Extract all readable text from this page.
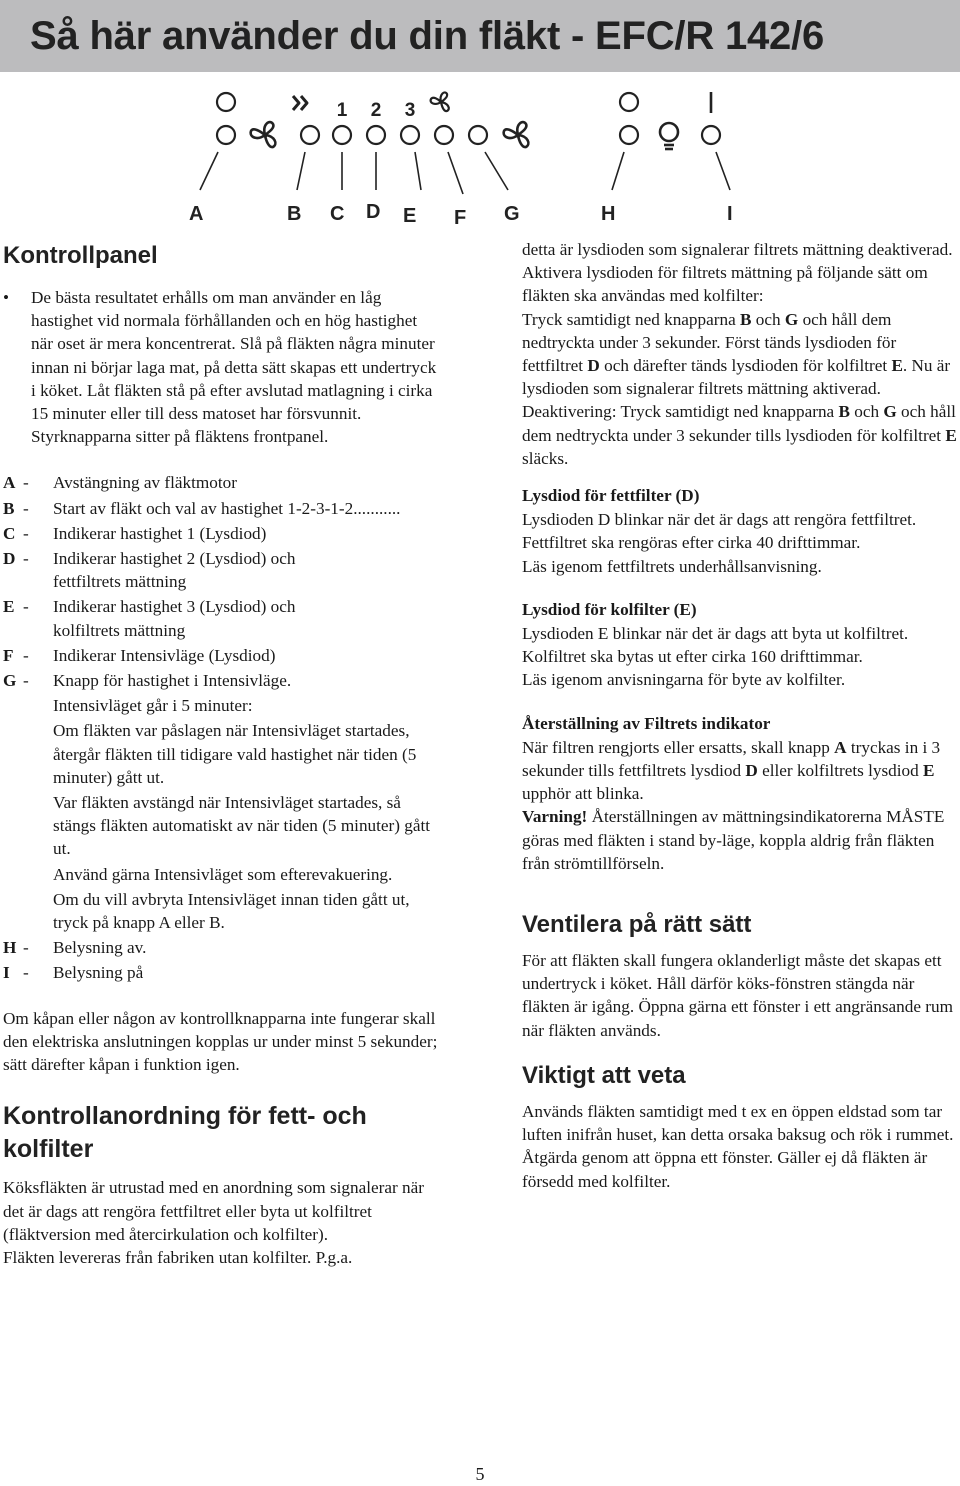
Så här använder du din fläkt - EFC/R 142/6
1 2 3
A	B C D E F G	H	I
Kontrollpanel
•	De bästa resultatet erhålls om man använder en låg hastighet vid normala förhållanden och en hög hastighet när oset är mera koncentrerat. Slå på fläkten några minuter innan ni börjar laga mat, på detta sätt skapas ett undertryck i köket. Låt fläkten stå på efter avslutad matlagning i cirka 15 minuter eller till dess matoset har försvunnit. Styrknapparna sitter på fläktens frontpanel.

A -	Avstängning av fläktmotor
B -	Start av fläkt och val av hastighet 1-2-3-1-2...........
C -	Indikerar hastighet 1 (Lysdiod)
D -	Indikerar hastighet 2 (Lysdiod) och fettfiltrets mättning
E -	Indikerar hastighet 3 (Lysdiod) och kolfiltrets mättning
F -	Indikerar Intensivläge (Lysdiod)
G -	Knapp för hastighet i Intensivläge.

Intensivläget går i 5 minuter:

Om fläkten var påslagen när Intensivläget startades, återgår fläkten till tidigare vald hastighet när tiden (5 minuter) gått ut.

Var fläkten avstängd när Intensivläget startades, så stängs fläkten automatiskt av när tiden (5 minuter) gått ut.

Använd gärna Intensivläget som efterevakuering.

Om du vill avbryta Intensivläget innan tiden gått ut, tryck på knapp A eller B.

H -	Belysning av.
I -	Belysning på

Om kåpan eller någon av kontrollknapparna inte fungerar skall den elektriska anslutningen kopplas ur under minst 5 sekunder; sätt därefter kåpan i funktion igen.

Kontrollanordning för fett- och kolfilter

Köksfläkten är utrustad med en anordning som signalerar när det är dags att rengöra fettfiltret eller byta ut kolfiltret (fläktversion med återcirkulation och kolfilter).

Fläkten levereras från fabriken utan kolfilter. P.g.a.

detta är lysdioden som signalerar filtrets mättning deaktiverad.

Aktivera lysdioden för filtrets mättning på följande sätt om fläkten ska användas med kolfilter:

Tryck samtidigt ned knapparna B och G och håll dem nedtryckta under 3 sekunder. Först tänds lysdioden för fettfiltret D och därefter tänds lysdioden för kolfiltret E. Nu är lysdioden som signalerar filtrets mättning aktiverad.

Deaktivering: Tryck samtidigt ned knapparna B och G och håll dem nedtryckta under 3 sekunder tills lysdioden för kolfiltret E släcks.

Lysdiod för fettfilter (D)

Lysdioden D blinkar när det är dags att rengöra fettfiltret. Fettfiltret ska rengöras efter cirka 40 drifttimmar.

Läs igenom fettfiltrets underhållsanvisning.

Lysdiod för kolfilter (E)

Lysdioden E blinkar när det är dags att byta ut kolfiltret.

Kolfiltret ska bytas ut efter cirka 160 drifttimmar.

Läs igenom anvisningarna för byte av kolfilter.

Återställning av Filtrets indikator

När filtren rengjorts eller ersatts, skall knapp A tryckas in i 3 sekunder tills fettfiltrets lysdiod D eller kolfiltrets lysdiod E upphör att blinka.

Varning! Återställningen av mättningsindikatorerna MÅSTE göras med fläkten i stand by-läge, koppla aldrig från fläkten från strömtillförseln.

Ventilera på rätt sätt

För att fläkten skall fungera oklanderligt måste det skapas ett undertryck i köket. Håll därför köks-fönstren stängda när fläkten är igång. Öppna gärna ett fönster i ett angränsande rum när fläkten används.

Viktigt att veta

Används fläkten samtidigt med t ex en öppen eldstad som tar luften inifrån huset, kan detta orsaka baksug och rök i rummet. Åtgärda genom att öppna ett fönster. Gäller ej då fläkten är försedd med kolfilter.

5
